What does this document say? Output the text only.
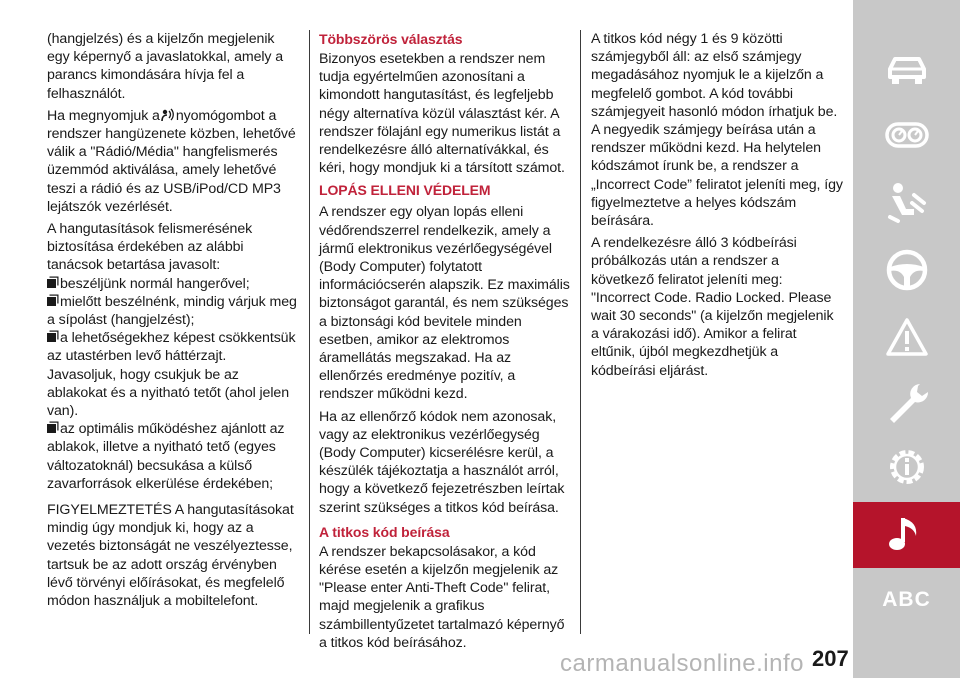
(hangjelzés) és a kijelzőn megjelenik egy képernyő a javaslatokkal, amely a parancs kimondására hívja fel a felhasználót.

Ha megnyomjuk a nyomógombot a rendszer hangüzenete közben, lehetővé válik a "Rádió/Média" hangfelismerés üzemmód aktiválása, amely lehetővé teszi a rádió és az USB/iPod/CD MP3 lejátszók vezérlését.

A hangutasítások felismerésének biztosítása érdekében az alábbi tanácsok betartása javasolt:

beszéljünk normál hangerővel;
mielőtt beszélnénk, mindig várjuk meg a sípolást (hangjelzést);
a lehetőségekhez képest csökkentsük az utastérben levő háttérzajt. Javasoljuk, hogy csukjuk be az ablakokat és a nyitható tetőt (ahol jelen van).
az optimális működéshez ajánlott az ablakok, illetve a nyitható tető (egyes változatoknál) becsukása a külső zavarforrások elkerülése érdekében;

FIGYELMEZTETÉS A hangutasításokat mindig úgy mondjuk ki, hogy az a vezetés biztonságát ne veszélyeztesse, tartsuk be az adott ország érvényben lévő törvényi előírásokat, és megfelelő módon használjuk a mobiltelefont.

Többszörös választás

Bizonyos esetekben a rendszer nem tudja egyértelműen azonosítani a kimondott hangutasítást, és legfeljebb négy alternatíva közül választást kér. A rendszer fölajánl egy numerikus listát a rendelkezésre álló alternatívákkal, és kéri, hogy mondjuk ki a társított számot.

LOPÁS ELLENI VÉDELEM

A rendszer egy olyan lopás elleni védőrendszerrel rendelkezik, amely a jármű elektronikus vezérlőegységével (Body Computer) folytatott információcserén alapszik. Ez maximális biztonságot garantál, és nem szükséges a biztonsági kód bevitele minden esetben, amikor az elektromos áramellátás megszakad. Ha az ellenőrzés eredménye pozitív, a rendszer működni kezd.

Ha az ellenőrző kódok nem azonosak, vagy az elektronikus vezérlőegység (Body Computer) kicserélésre kerül, a készülék tájékoztatja a használót arról, hogy a következő fejezetrészben leírtak szerint szükséges a titkos kód beírása.

A titkos kód beírása

A rendszer bekapcsolásakor, a kód kérése esetén a kijelzőn megjelenik az "Please enter Anti-Theft Code" felirat, majd megjelenik a grafikus számbillentyűzetet tartalmazó képernyő a titkos kód beírásához.

A titkos kód négy 1 és 9 közötti számjegyből áll: az első számjegy megadásához nyomjuk le a kijelzőn a megfelelő gombot. A kód további számjegyeit hasonló módon írhatjuk be. A negyedik számjegy beírása után a rendszer működni kezd. Ha helytelen kódszámot írunk be, a rendszer a „Incorrect Code” feliratot jeleníti meg, így figyelmeztetve a helyes kódszám beírására.

A rendelkezésre álló 3 kódbeírási próbálkozás után a rendszer a következő feliratot jeleníti meg: "Incorrect Code. Radio Locked. Please wait 30 seconds" (a kijelzőn megjelenik a várakozási idő). Amikor a felirat eltűnik, újból megkezdhetjük a kódbeírási eljárást.

ABC
carmanualsonline.info 207
